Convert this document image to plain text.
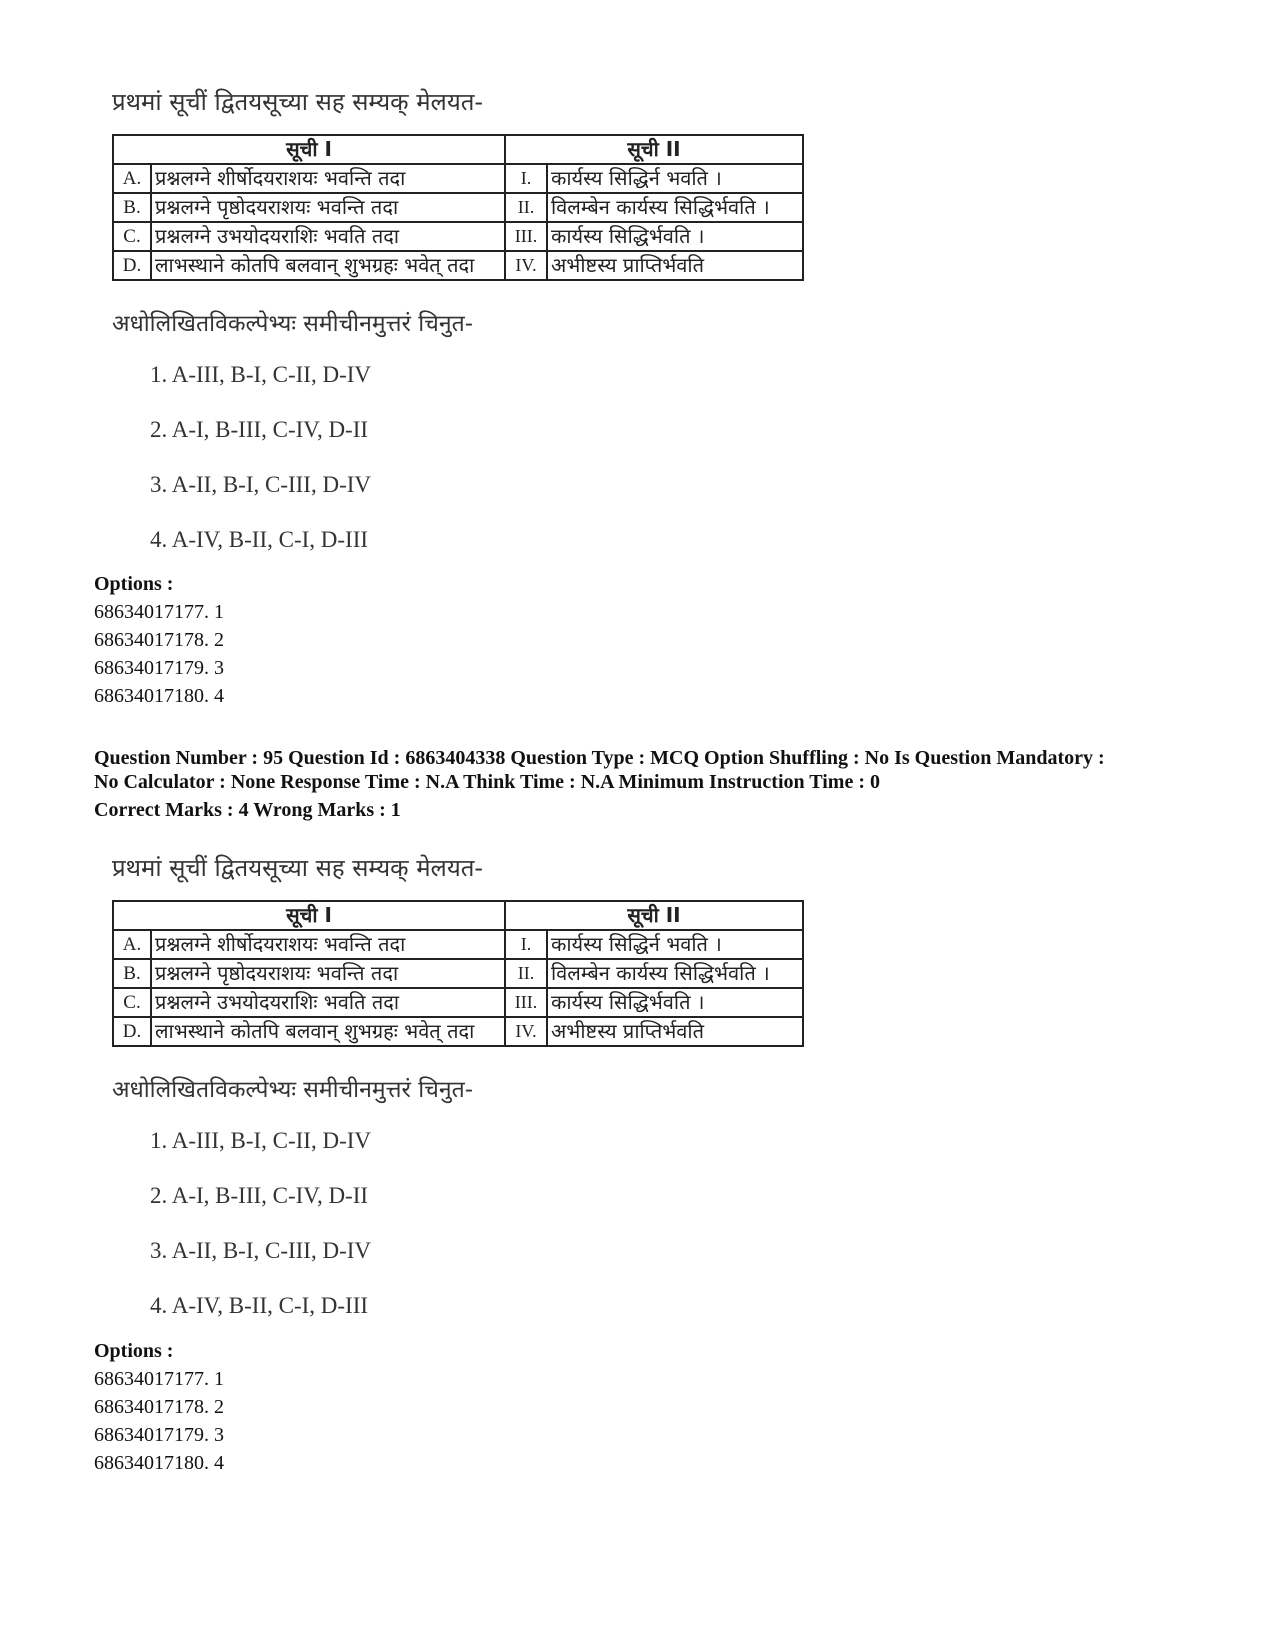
प्रथमां सूचीं द्वितयसूच्या सह सम्यक् मेलयत-

सूची I		सूची II	
A.	प्रश्नलग्ने शीर्षोदयराशयः भवन्ति तदा	I.	कार्यस्य सिद्धिर्न भवति ।
B.	प्रश्नलग्ने पृष्ठोदयराशयः भवन्ति तदा	II.	विलम्बेन कार्यस्य सिद्धिर्भवति ।
C.	प्रश्नलग्ने उभयोदयराशिः भवति तदा	III.	कार्यस्य सिद्धिर्भवति ।
D.	लाभस्थाने कोतपि बलवान् शुभग्रहः भवेत् तदा	IV.	अभीष्टस्य प्राप्तिर्भवति

अधोलिखितविकल्पेभ्यः समीचीनमुत्तरं चिनुत-

1. A-III, B-I, C-II, D-IV
2. A-I, B-III, C-IV, D-II
3. A-II, B-I, C-III, D-IV
4. A-IV, B-II, C-I, D-III
Options :
68634017177. 1
68634017178. 2
68634017179. 3
68634017180. 4
Question Number : 95 Question Id : 6863404338 Question Type : MCQ Option Shuffling : No Is Question Mandatory :
No Calculator : None Response Time : N.A Think Time : N.A Minimum Instruction Time : 0
Correct Marks : 4 Wrong Marks : 1

प्रथमां सूचीं द्वितयसूच्या सह सम्यक् मेलयत-

सूची I		सूची II	
A.	प्रश्नलग्ने शीर्षोदयराशयः भवन्ति तदा	I.	कार्यस्य सिद्धिर्न भवति ।
B.	प्रश्नलग्ने पृष्ठोदयराशयः भवन्ति तदा	II.	विलम्बेन कार्यस्य सिद्धिर्भवति ।
C.	प्रश्नलग्ने उभयोदयराशिः भवति तदा	III.	कार्यस्य सिद्धिर्भवति ।
D.	लाभस्थाने कोतपि बलवान् शुभग्रहः भवेत् तदा	IV.	अभीष्टस्य प्राप्तिर्भवति

अधोलिखितविकल्पेभ्यः समीचीनमुत्तरं चिनुत-

1. A-III, B-I, C-II, D-IV
2. A-I, B-III, C-IV, D-II
3. A-II, B-I, C-III, D-IV
4. A-IV, B-II, C-I, D-III
Options :
68634017177. 1
68634017178. 2
68634017179. 3
68634017180. 4
